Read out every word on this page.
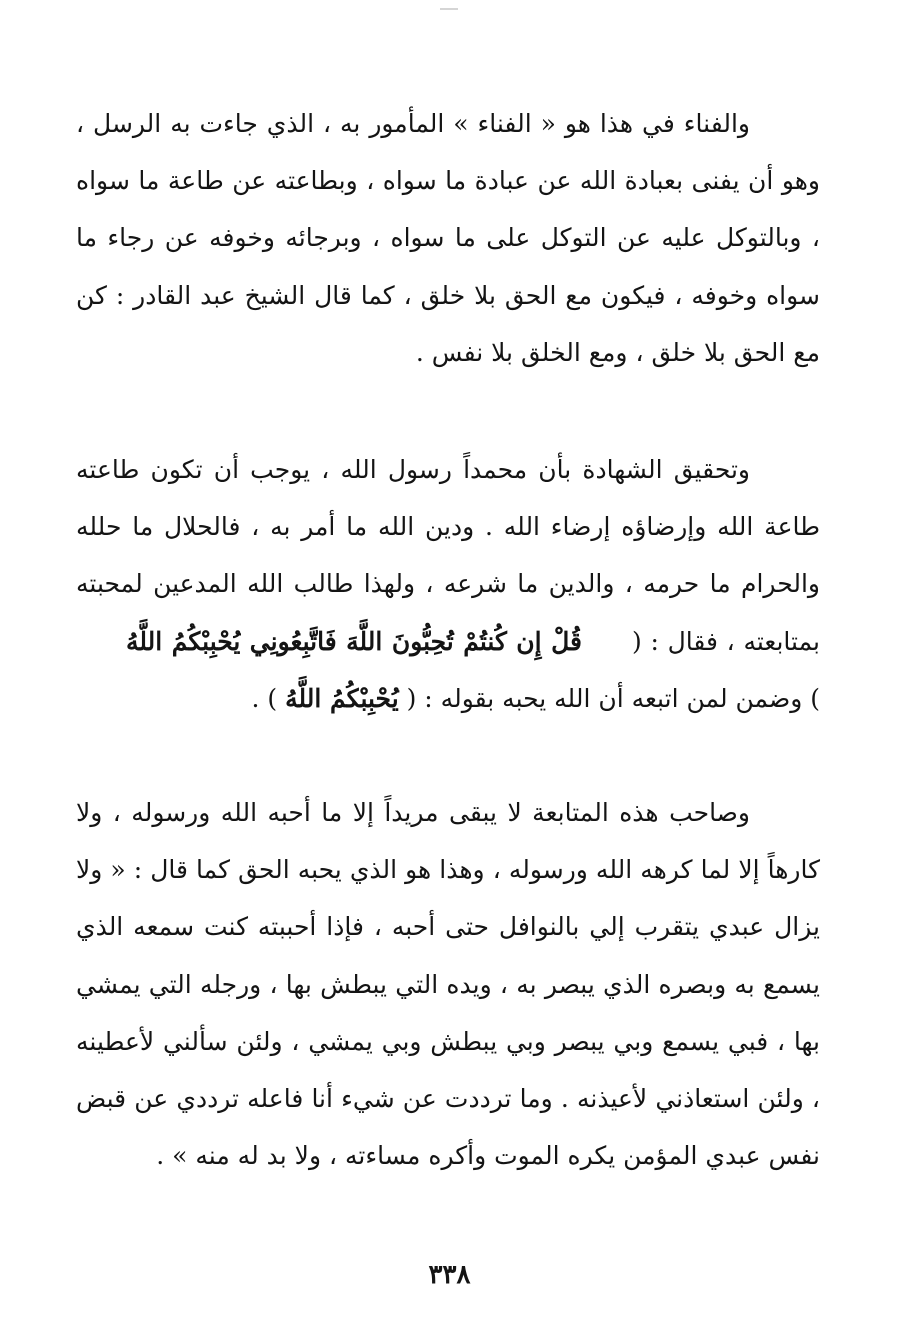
والفناء في هذا هو « الفناء » المأمور به ، الذي جاءت به الرسل ، وهو أن يفنى بعبادة الله عن عبادة ما سواه ، وبطاعته عن طاعة ما سواه ، وبالتوكل عليه عن التوكل على ما سواه ، وبرجائه وخوفه عن رجاء ما سواه وخوفه ، فيكون مع الحق بلا خلق ، كما قال الشيخ عبد القادر : كن مع الحق بلا خلق ، ومع الخلق بلا نفس .

وتحقيق الشهادة بأن محمداً رسول الله ، يوجب أن تكون طاعته طاعة الله وإرضاؤه إرضاء الله . ودين الله ما أمر به ، فالحلال ما حلله والحرام ما حرمه ، والدين ما شرعه ، ولهذا طالب الله المدعين لمحبته بمتابعته ، فقال : (قُلْ إِن كُنتُمْ تُحِبُّونَ اللَّهَ فَاتَّبِعُونِي يُحْبِبْكُمُ اللَّهُ) وضمن لمن اتبعه أن الله يحبه بقوله : ( يُحْبِبْكُمُ اللَّهُ ) .

وصاحب هذه المتابعة لا يبقى مريداً إلا ما أحبه الله ورسوله ، ولا كارهاً إلا لما كرهه الله ورسوله ، وهذا هو الذي يحبه الحق كما قال : « ولا يزال عبدي يتقرب إلي بالنوافل حتى أحبه ، فإذا أحببته كنت سمعه الذي يسمع به وبصره الذي يبصر به ، ويده التي يبطش بها ، ورجله التي يمشي بها ، فبي يسمع وبي يبصر وبي يبطش وبي يمشي ، ولئن سألني لأعطينه ، ولئن استعاذني لأعيذنه . وما ترددت عن شيء أنا فاعله ترددي عن قبض نفس عبدي المؤمن يكره الموت وأكره مساءته ، ولا بد له منه » .

٣٣٨
